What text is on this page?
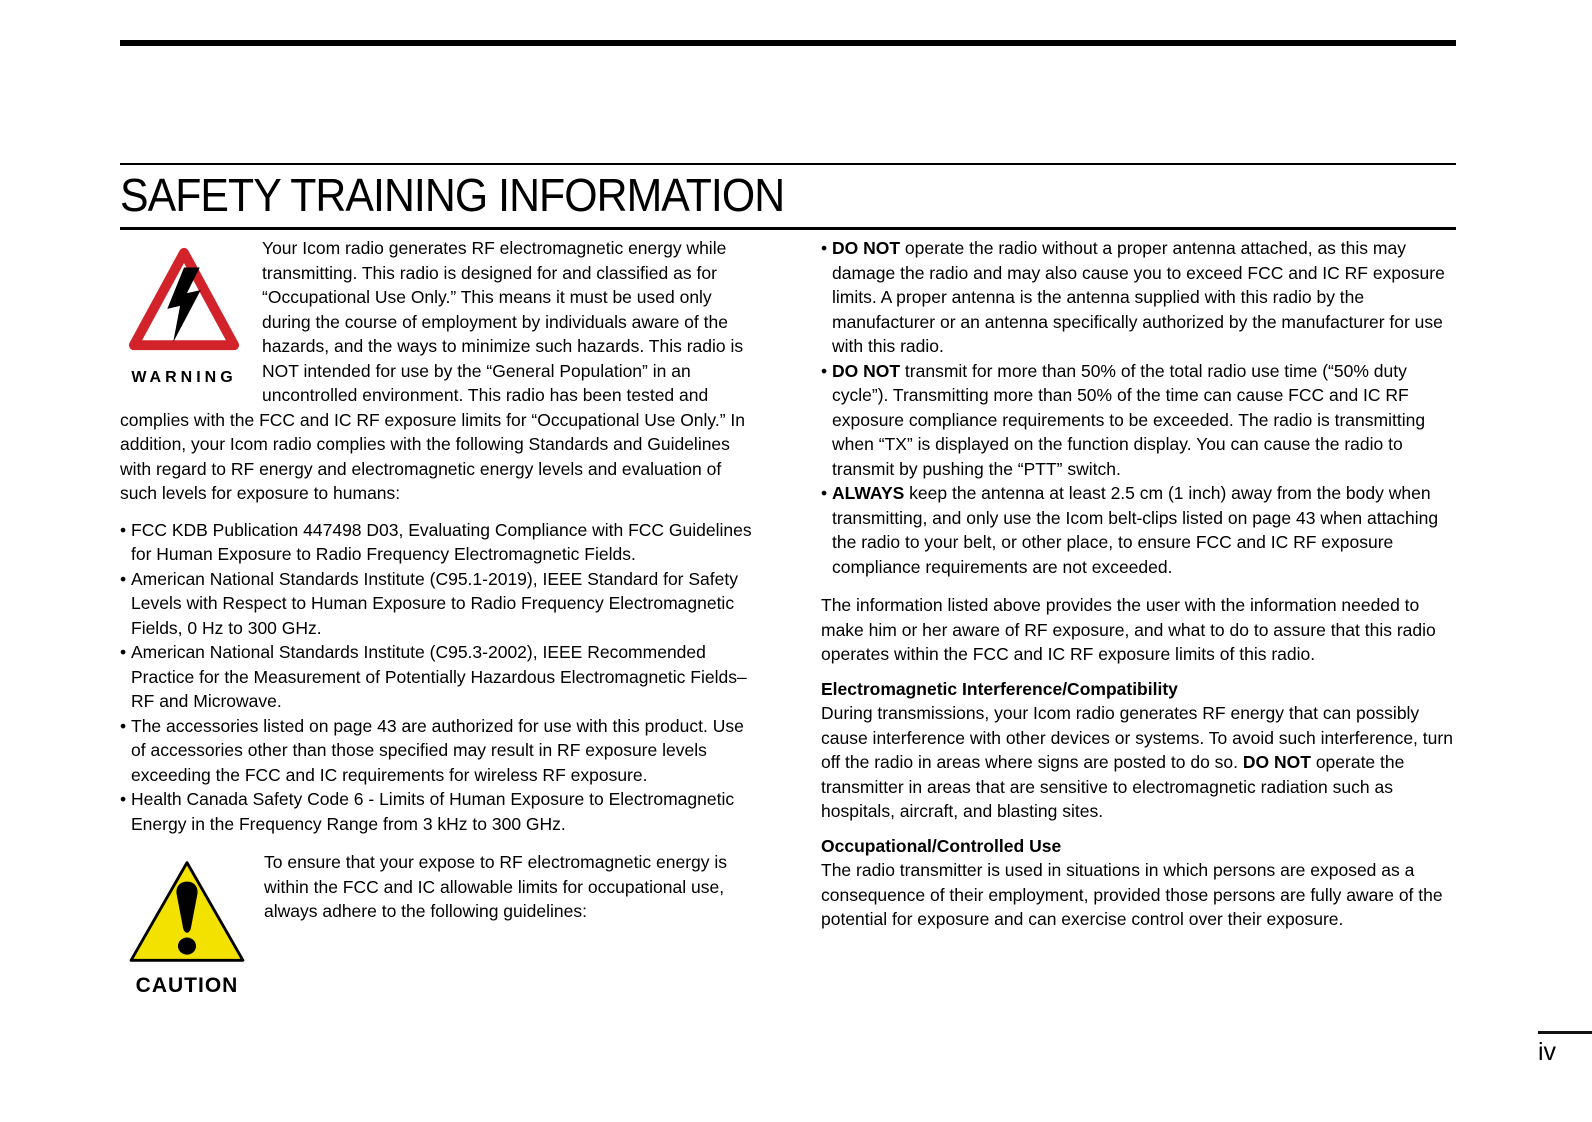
SAFETY TRAINING INFORMATION
WARNING

Your Icom radio generates RF electromagnetic energy while transmitting. This radio is designed for and classified as for “Occupational Use Only.” This means it must be used only during the course of employment by individuals aware of the hazards, and the ways to minimize such hazards. This radio is NOT intended for use by the “General Population” in an uncontrolled environment. This radio has been tested and complies with the FCC and IC RF exposure limits for “Occupational Use Only.” In addition, your Icom radio complies with the following Standards and Guidelines with regard to RF energy and electromagnetic energy levels and evaluation of such levels for exposure to humans:

• FCC KDB Publication 447498 D03, Evaluating Compliance with FCC Guidelines for Human Exposure to Radio Frequency Electromagnetic Fields.
• American National Standards Institute (C95.1-2019), IEEE Standard for Safety Levels with Respect to Human Exposure to Radio Frequency Electromagnetic Fields, 0 Hz to 300 GHz.
• American National Standards Institute (C95.3-2002), IEEE Recommended Practice for the Measurement of Potentially Hazardous Electromagnetic Fields– RF and Microwave.
• The accessories listed on page 43 are authorized for use with this product. Use of accessories other than those specified may result in RF exposure levels exceeding the FCC and IC requirements for wireless RF exposure.
• Health Canada Safety Code 6 - Limits of Human Exposure to Electromagnetic Energy in the Frequency Range from 3 kHz to 300 GHz.
CAUTION

To ensure that your expose to RF electromagnetic energy is within the FCC and IC allowable limits for occupational use, always adhere to the following guidelines:

• DO NOT operate the radio without a proper antenna attached, as this may damage the radio and may also cause you to exceed FCC and IC RF exposure limits. A proper antenna is the antenna supplied with this radio by the manufacturer or an antenna specifically authorized by the manufacturer for use with this radio.
• DO NOT transmit for more than 50% of the total radio use time (“50% duty cycle”). Transmitting more than 50% of the time can cause FCC and IC RF exposure compliance requirements to be exceeded. The radio is transmitting when “TX” is displayed on the function display. You can cause the radio to transmit by pushing the “PTT” switch.
• ALWAYS keep the antenna at least 2.5 cm (1 inch) away from the body when transmitting, and only use the Icom belt-clips listed on page 43 when attaching the radio to your belt, or other place, to ensure FCC and IC RF exposure compliance requirements are not exceeded.

The information listed above provides the user with the information needed to make him or her aware of RF exposure, and what to do to assure that this radio operates within the FCC and IC RF exposure limits of this radio.

Electromagnetic Interference/Compatibility

During transmissions, your Icom radio generates RF energy that can possibly cause interference with other devices or systems. To avoid such interference, turn off the radio in areas where signs are posted to do so. DO NOT operate the transmitter in areas that are sensitive to electromagnetic radiation such as hospitals, aircraft, and blasting sites.

Occupational/Controlled Use

The radio transmitter is used in situations in which persons are exposed as a consequence of their employment, provided those persons are fully aware of the potential for exposure and can exercise control over their exposure.

iv
